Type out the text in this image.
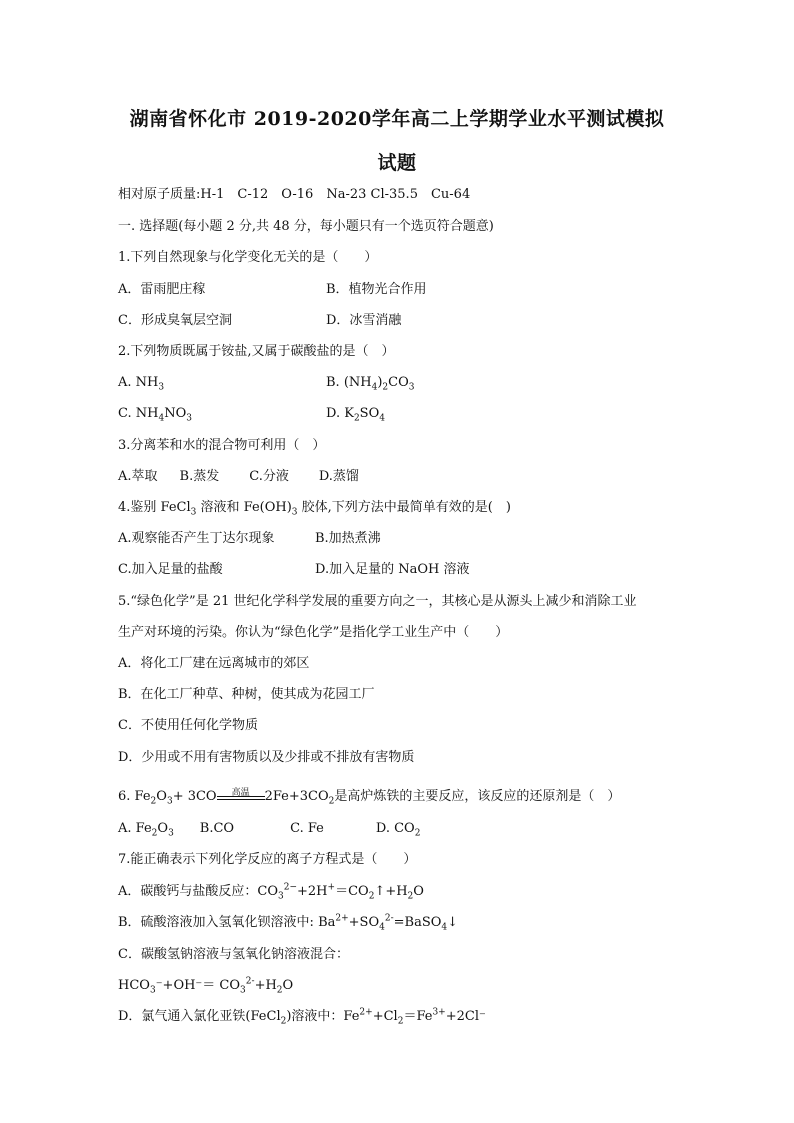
湖南省怀化市 2019-2020学年高二上学期学业水平测试模拟
试题
相对原子质量:H-1　C-12　O-16　Na-23 Cl-35.5　Cu-64
一. 选择题(每小题 2 分,共 48 分，每小题只有一个选页符合题意)
1.下列自然现象与化学变化无关的是（　　）
A．雷雨肥庄稼	B．植物光合作用
C．形成臭氧层空洞	D．冰雪消融
2.下列物质既属于铵盐,又属于碳酸盐的是（　）
A. $NH_3$	B. $(NH_4)_2CO_3$
C. $NH_4NO_3$	D. $K_2SO_4$
3.分离苯和水的混合物可利用（　）
A.萃取 B.蒸发 C.分液 D.蒸馏
4.鉴别 FeCl$_3$ 溶液和 $Fe(OH)_3$ 胶体,下列方法中最简单有效的是(　)
A.观察能否产生丁达尔现象	B.加热煮沸
C.加入足量的盐酸	D.加入足量的 NaOH 溶液
5.“绿色化学”是 21 世纪化学科学发展的重要方向之一，其核心是从源头上减少和消除工业
生产对环境的污染。你认为“绿色化学”是指化学工业生产中（　　）
A．将化工厂建在远离城市的郊区
B．在化工厂种草、种树，使其成为花园工厂
C．不使用任何化学物质
D．少用或不用有害物质以及少排或不排放有害物质
6. $Fe_2O_3+ 3CO$	高温	$2Fe+3CO_2$是高炉炼铁的主要反应，该反应的还原剂是（　）
A. $Fe_2O_3$ B.CO	C. Fe	D. $CO_2$
7.能正确表示下列化学反应的离子方程式是（　　）
A．碳酸钙与盐酸反应：$CO_3^{2-}+2H^+=CO_2↑+H_2O$
B．硫酸溶液加入氢氧化钡溶液中: $Ba^{2+}+SO_4^{2-}=BaSO_4↓$
C．碳酸氢钠溶液与氢氧化钠溶液混合：
$HCO_3^-+OH^-= CO_3^{2-}+H_2O$
D．氯气通入氯化亚铁(FeCl$_2$)溶液中：$Fe^{2+}+Cl_2=Fe^{3+}+2Cl^-$
